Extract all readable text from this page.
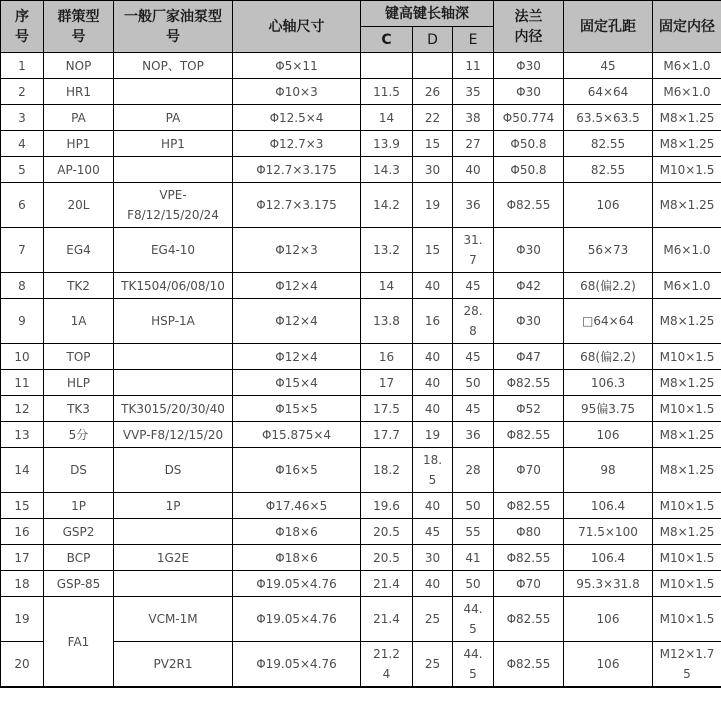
序号	群策型号	一般厂家油泵型号	心轴尺寸	键高键长轴深			法兰内径	固定孔距	固定内径
				C	D	E			
1	NOP	NOP、TOP	Φ5×11			11	Φ30	45	M6×1.0
2	HR1		Φ10×3	11.5	26	35	Φ30	64×64	M6×1.0
3	PA	PA	Φ12.5×4	14	22	38	Φ50.774	63.5×63.5	M8×1.25
4	HP1	HP1	Φ12.7×3	13.9	15	27	Φ50.8	82.55	M8×1.25
5	AP-100		Φ12.7×3.175	14.3	30	40	Φ50.8	82.55	M10×1.5
6	20L	VPE-F8/12/15/20/24	Φ12.7×3.175	14.2	19	36	Φ82.55	106	M8×1.25
7	EG4	EG4-10	Φ12×3	13.2	15	31.7	Φ30	56×73	M6×1.0
8	TK2	TK1504/06/08/10	Φ12×4	14	40	45	Φ42	68(偏2.2)	M6×1.0
9	1A	HSP-1A	Φ12×4	13.8	16	28.8	Φ30	□64×64	M8×1.25
10	TOP		Φ12×4	16	40	45	Φ47	68(偏2.2)	M10×1.5
11	HLP		Φ15×4	17	40	50	Φ82.55	106.3	M8×1.25
12	TK3	TK3015/20/30/40	Φ15×5	17.5	40	45	Φ52	95偏3.75	M10×1.5
13	5分	VVP-F8/12/15/20	Φ15.875×4	17.7	19	36	Φ82.55	106	M8×1.25
14	DS	DS	Φ16×5	18.2	18.5	28	Φ70	98	M8×1.25
15	1P	1P	Φ17.46×5	19.6	40	50	Φ82.55	106.4	M10×1.5
16	GSP2		Φ18×6	20.5	45	55	Φ80	71.5×100	M8×1.25
17	BCP	1G2E	Φ18×6	20.5	30	41	Φ82.55	106.4	M10×1.5
18	GSP-85		Φ19.05×4.76	21.4	40	50	Φ70	95.3×31.8	M10×1.5
19	FA1	VCM-1M	Φ19.05×4.76	21.4	25	44.5	Φ82.55	106	M10×1.5
20		PV2R1	Φ19.05×4.76	21.24	25	44.5	Φ82.55	106	M12×1.75
